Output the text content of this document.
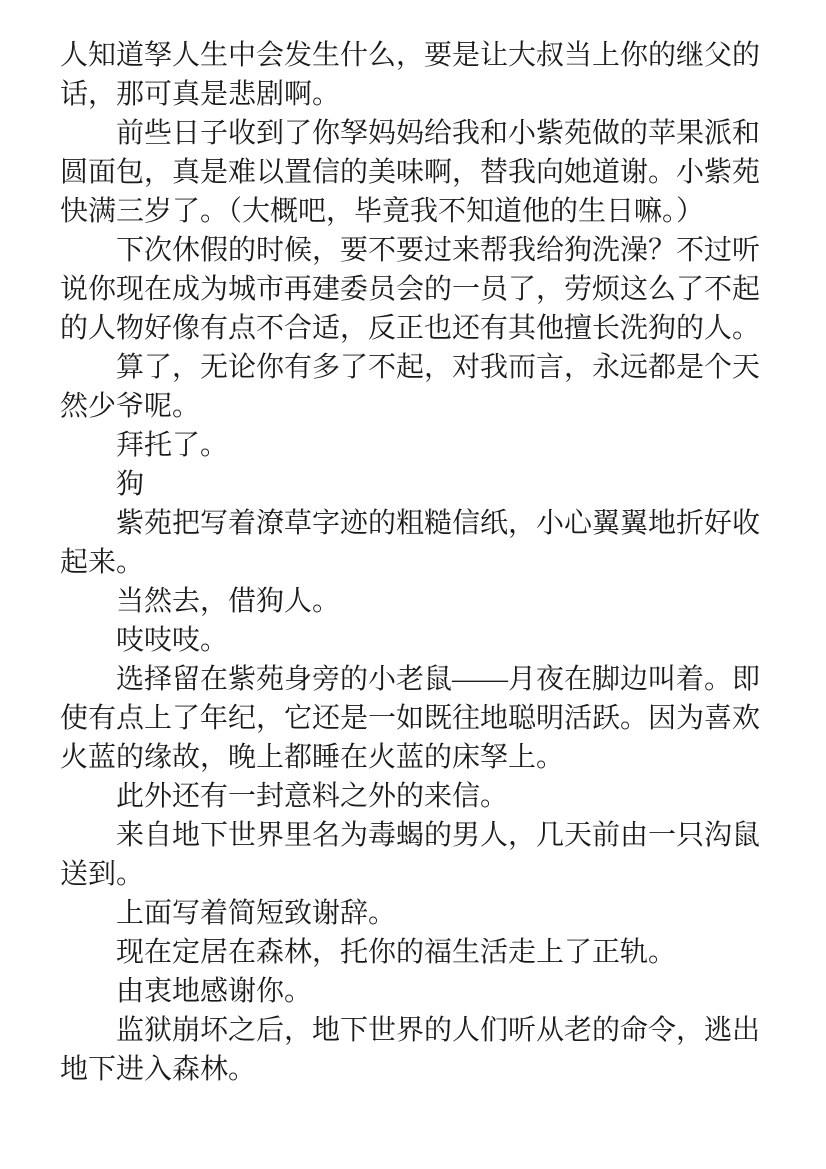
人知道孥人生中会发生什么，要是让大叔当上你的继父的话，那可真是悲剧啊。

前些日子收到了你孥妈妈给我和小紫苑做的苹果派和圆面包，真是难以置信的美味啊，替我向她道谢。小紫苑快满三岁了。（大概吧，毕竟我不知道他的生日嘛。）

下次休假的时候，要不要过来帮我给狗洗澡？不过听说你现在成为城市再建委员会的一员了，劳烦这么了不起的人物好像有点不合适，反正也还有其他擅长洗狗的人。

算了，无论你有多了不起，对我而言，永远都是个天然少爷呢。

拜托了。

狗

紫苑把写着潦草字迹的粗糙信纸，小心翼翼地折好收起来。

当然去，借狗人。

吱吱吱。

选择留在紫苑身旁的小老鼠——月夜在脚边叫着。即使有点上了年纪，它还是一如既往地聪明活跃。因为喜欢火蓝的缘故，晚上都睡在火蓝的床孥上。

此外还有一封意料之外的来信。

来自地下世界里名为毒蝎的男人，几天前由一只沟鼠送到。

上面写着简短致谢辞。

现在定居在森林，托你的福生活走上了正轨。

由衷地感谢你。

监狱崩坏之后，地下世界的人们听从老的命令，逃出地下进入森林。
